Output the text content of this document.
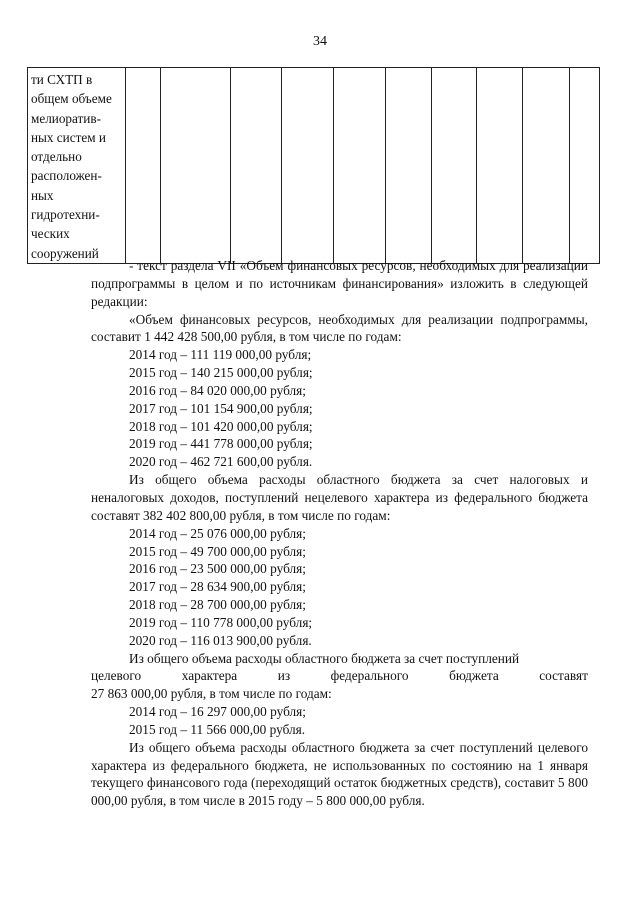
34
ти СХТП в
общем объеме
мелиоратив-
ных систем и
отдельно
расположен-
ных
гидротехни-
ческих
сооружений

- текст раздела VII «Объем финансовых ресурсов, необходимых для реализации подпрограммы в целом и по источникам финансирования» изложить в следующей редакции:

«Объем финансовых ресурсов, необходимых для реализации подпрограммы, составит 1 442 428 500,00 рубля, в том числе по годам:

2014 год – 111 119 000,00 рубля;
2015 год – 140 215 000,00 рубля;
2016 год – 84 020 000,00 рубля;
2017 год – 101 154 900,00 рубля;
2018 год – 101 420 000,00 рубля;
2019 год – 441 778 000,00 рубля;
2020 год – 462 721 600,00 рубля.

Из общего объема расходы областного бюджета за счет налоговых и неналоговых доходов, поступлений нецелевого характера из федерального бюджета составят 382 402 800,00 рубля, в том числе по годам:

2014 год – 25 076 000,00 рубля;
2015 год – 49 700 000,00 рубля;
2016 год – 23 500 000,00 рубля;
2017 год – 28 634 900,00 рубля;
2018 год – 28 700 000,00 рубля;
2019 год – 110 778 000,00 рубля;
2020 год – 116 013 900,00 рубля.
Из общего объема расходы областного бюджета за счет поступлений
целевого	характера	из	федерального	бюджета	составят
27 863 000,00 рубля, в том числе по годам:
2014 год – 16 297 000,00 рубля;
2015 год – 11 566 000,00 рубля.

Из общего объема расходы областного бюджета за счет поступлений целевого характера из федерального бюджета, не использованных по состоянию на 1 января текущего финансового года (переходящий остаток бюджетных средств), составит 5 800 000,00 рубля, в том числе в 2015 году – 5 800 000,00 рубля.
